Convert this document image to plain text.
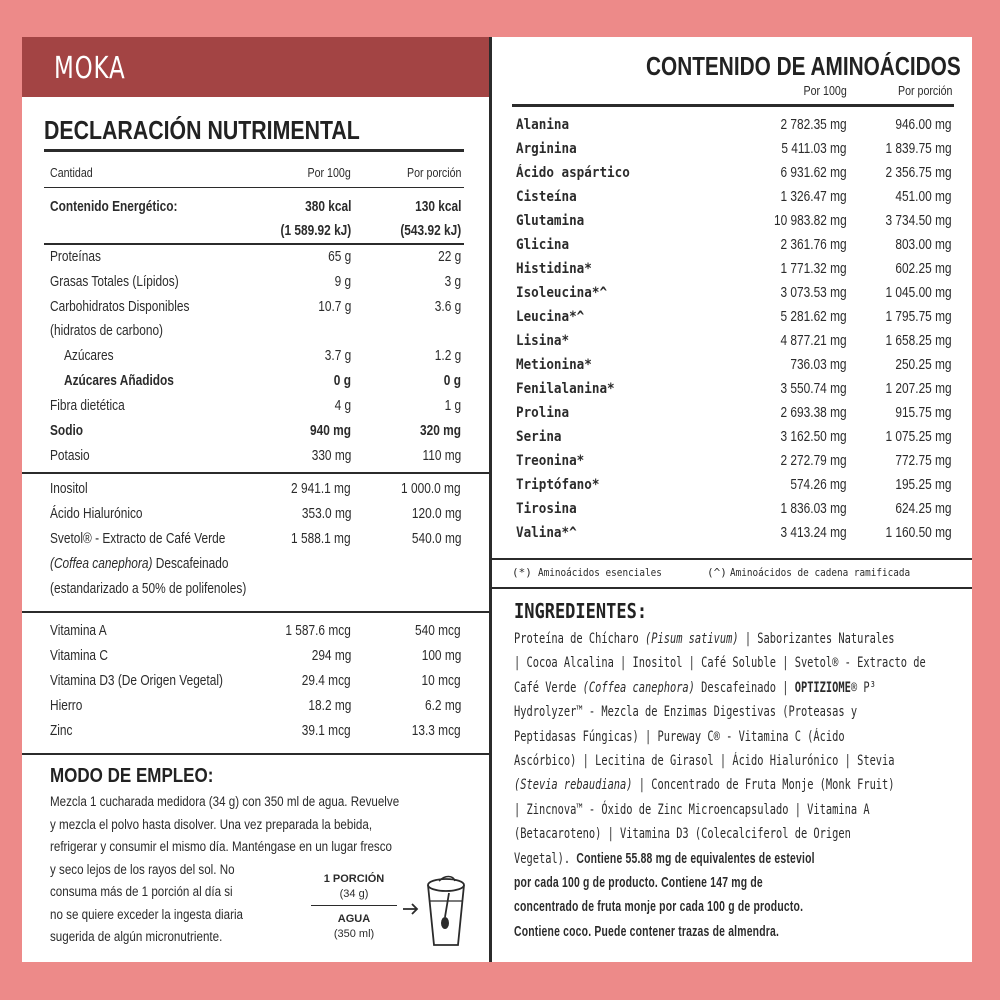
MOKA
DECLARACIÓN NUTRIMENTAL
Cantidad	Por 100g	Por porción
Contenido Energético:	380 kcal	130 kcal
(1 589.92 kJ)	(543.92 kJ)
Proteínas	65 g	22 g
Grasas Totales (Lípidos)	9 g	3 g
Carbohidratos Disponibles	10.7 g	3.6 g
(hidratos de carbono)
Azúcares	3.7 g	1.2 g
Azúcares Añadidos	0 g	0 g
Fibra dietética	4 g	1 g
Sodio	940 mg	320 mg
Potasio	330 mg	110 mg
Inositol	2 941.1 mg	1 000.0 mg
Ácido Hialurónico	353.0 mg	120.0 mg
Svetol® - Extracto de Café Verde	1 588.1 mg	540.0 mg
(Coffea canephora) Descafeinado
(estandarizado a 50% de polifenoles)
Vitamina A	1 587.6 mcg	540 mcg
Vitamina C	294 mg	100 mg
Vitamina D3 (De Origen Vegetal)	29.4 mcg	10 mcg
Hierro	18.2 mg	6.2 mg
Zinc	39.1 mcg	13.3 mcg
MODO DE EMPLEO:
Mezcla 1 cucharada medidora (34 g) con 350 ml de agua. Revuelve
y mezcla el polvo hasta disolver. Una vez preparada la bebida,
refrigerar y consumir el mismo día. Manténgase en un lugar fresco
y seco lejos de los rayos del sol. No
consuma más de 1 porción al día si
no se quiere exceder la ingesta diaria
sugerida de algún micronutriente.
1 PORCIÓN
(34 g)
AGUA
(350 ml)
CONTENIDO DE AMINOÁCIDOS
Por 100g	Por porción
Alanina	2 782.35 mg	946.00 mg
Arginina	5 411.03 mg	1 839.75 mg
Ácido aspártico	6 931.62 mg	2 356.75 mg
Cisteína	1 326.47 mg	451.00 mg
Glutamina	10 983.82 mg	3 734.50 mg
Glicina	2 361.76 mg	803.00 mg
Histidina*	1 771.32 mg	602.25 mg
Isoleucina*^	3 073.53 mg	1 045.00 mg
Leucina*^	5 281.62 mg	1 795.75 mg
Lisina*	4 877.21 mg	1 658.25 mg
Metionina*	736.03 mg	250.25 mg
Fenilalanina*	3 550.74 mg	1 207.25 mg
Prolina	2 693.38 mg	915.75 mg
Serina	3 162.50 mg	1 075.25 mg
Treonina*	2 272.79 mg	772.75 mg
Triptófano*	574.26 mg	195.25 mg
Tirosina	1 836.03 mg	624.25 mg
Valina*^	3 413.24 mg	1 160.50 mg
(*) Aminoácidos esenciales	(^) Aminoácidos de cadena ramificada
INGREDIENTES:
Proteína de Chícharo (Pisum sativum) | Saborizantes Naturales
| Cocoa Alcalina | Inositol | Café Soluble | Svetol® - Extracto de
Café Verde (Coffea canephora) Descafeinado | OPTIZIOME® P³
Hydrolyzer™ - Mezcla de Enzimas Digestivas (Proteasas y
Peptidasas Fúngicas) | Pureway C® - Vitamina C (Ácido
Ascórbico) | Lecitina de Girasol | Ácido Hialurónico | Stevia
(Stevia rebaudiana) | Concentrado de Fruta Monje (Monk Fruit)
| Zincnova™ - Óxido de Zinc Microencapsulado | Vitamina A
(Betacaroteno) | Vitamina D3 (Colecalciferol de Origen
Vegetal). Contiene 55.88 mg de equivalentes de esteviol
por cada 100 g de producto. Contiene 147 mg de
concentrado de fruta monje por cada 100 g de producto.
Contiene coco. Puede contener trazas de almendra.
